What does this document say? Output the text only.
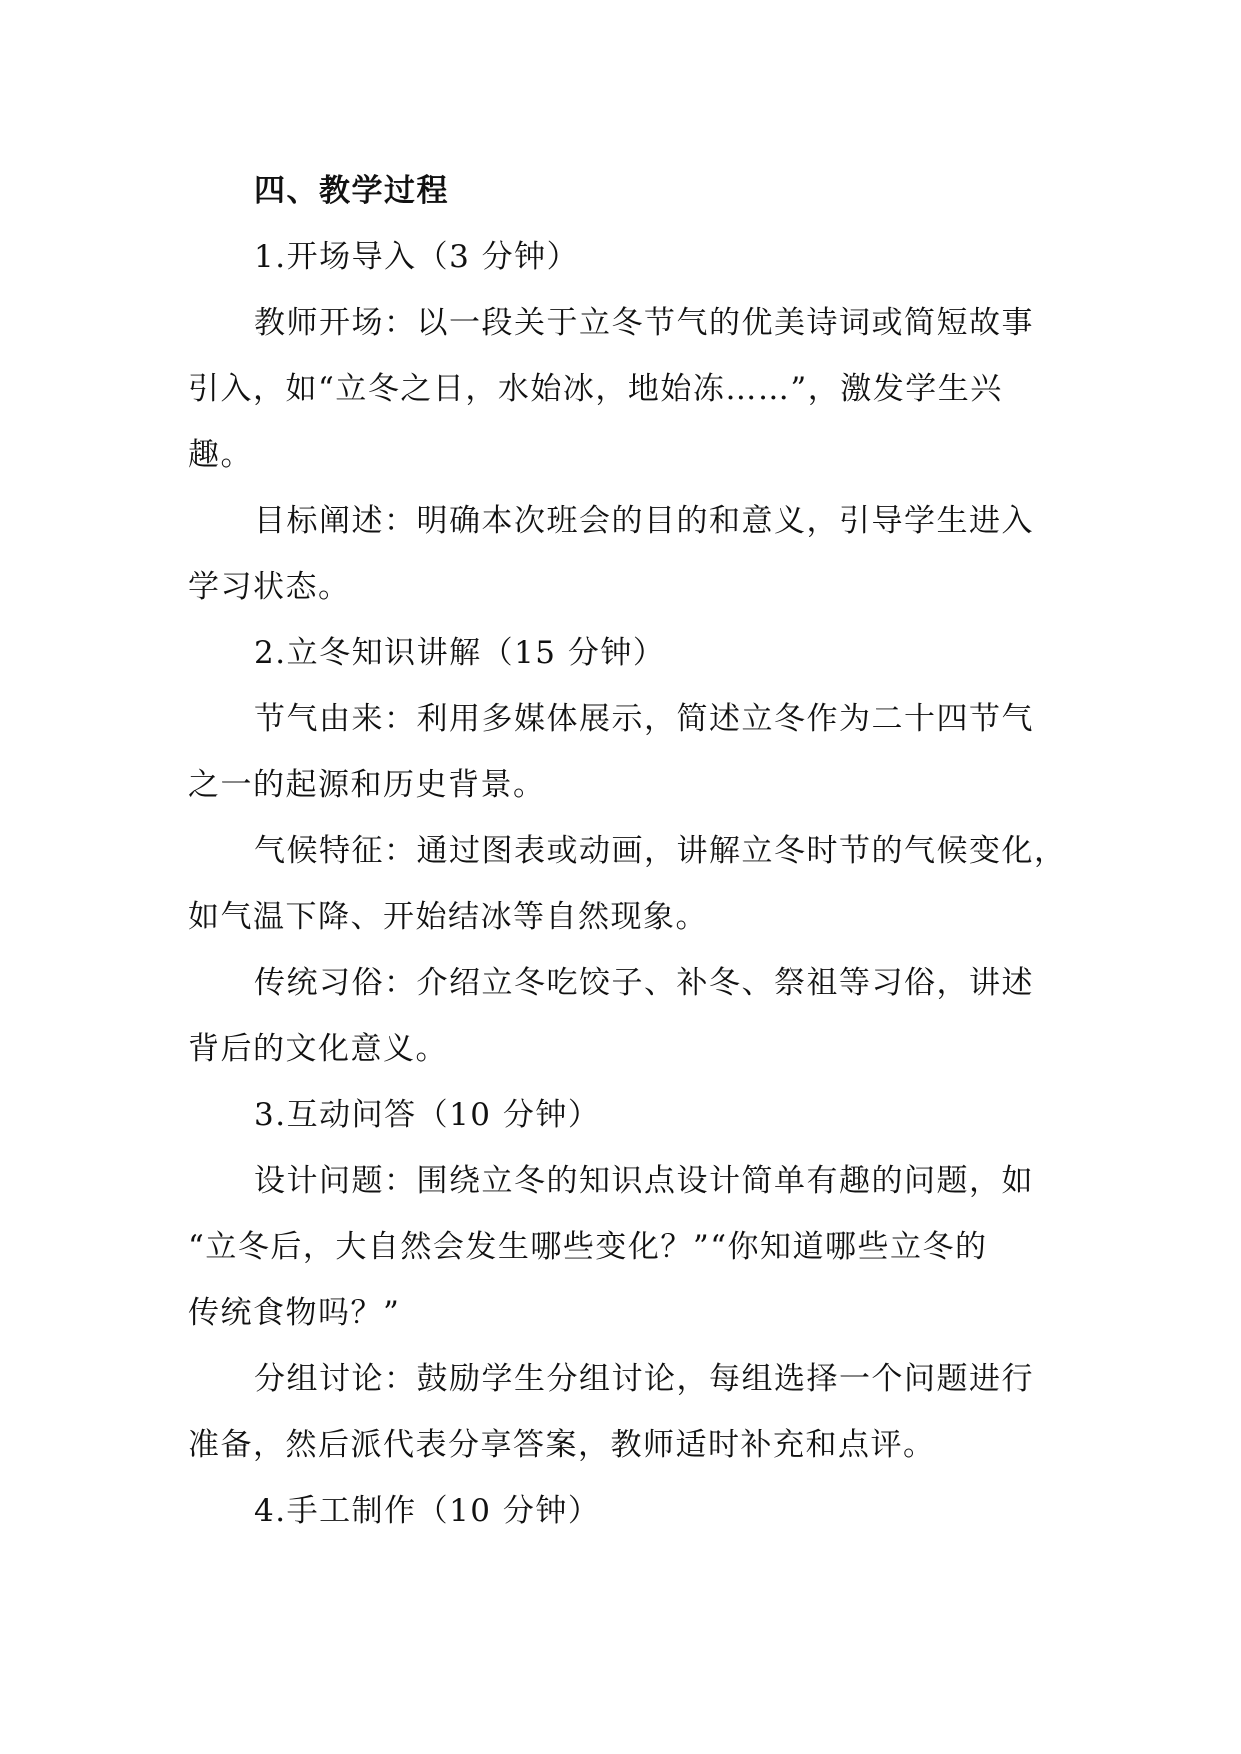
四、教学过程
1.开场导入（3 分钟）
教师开场：以一段关于立冬节气的优美诗词或简短故事
引入，如“立冬之日，水始冰，地始冻……”，激发学生兴
趣。
目标阐述：明确本次班会的目的和意义，引导学生进入
学习状态。
2.立冬知识讲解（15 分钟）
节气由来：利用多媒体展示，简述立冬作为二十四节气
之一的起源和历史背景。
气候特征：通过图表或动画，讲解立冬时节的气候变化，
如气温下降、开始结冰等自然现象。
传统习俗：介绍立冬吃饺子、补冬、祭祖等习俗，讲述
背后的文化意义。
3.互动问答（10 分钟）
设计问题：围绕立冬的知识点设计简单有趣的问题，如
“立冬后，大自然会发生哪些变化？”“你知道哪些立冬的
传统食物吗？”
分组讨论：鼓励学生分组讨论，每组选择一个问题进行
准备，然后派代表分享答案，教师适时补充和点评。
4.手工制作（10 分钟）
